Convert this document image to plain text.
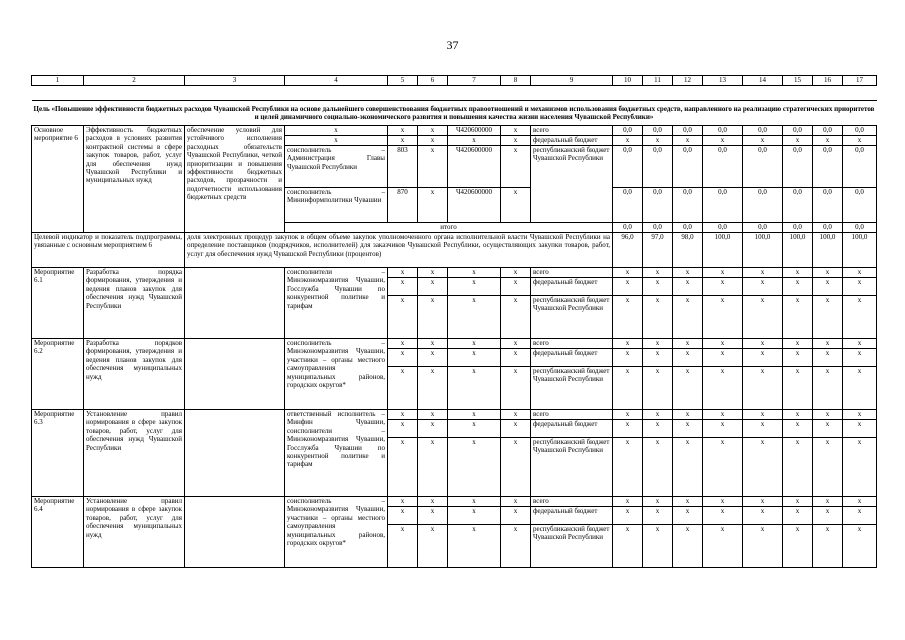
37
1	2	3	4	5	6	7	8	9	10	11	12	13	14	15	16	17

Цель «Повышение эффективности бюджетных расходов Чувашской Республики на основе дальнейшего совершенствования бюджетных правоотношений и механизмов использования бюджетных средств, направленного на реализацию стратегических приоритетов и целей динамичного социально-экономического развития и повышения качества жизни населения Чувашской Республики»																
Основное мероприятие 6	Эффективность бюджетных расходов в условиях развития контрактной системы в сфере закупок товаров, работ, услуг для обеспечения нужд Чувашской Республики и муниципальных нужд	обеспечение условий для устойчивого исполнения расходных обязательств Чувашской Республики, четкой приоритизации и повышения эффективности бюджетных расходов, прозрачности и подотчетности использования бюджетных средств	x	x	x	Ч420600000	x	всего	0,0	0,0	0,0	0,0	0,0	0,0	0,0	0,0
			x	x	x	x	x	федеральный бюджет	x	x	x	x	x	x	x	x
			соисполнитель – Администрация Главы Чувашской Республики	803	x	Ч420600000	x	республиканский бюджет Чувашской Республики	0,0	0,0	0,0	0,0	0,0	0,0	0,0	0,0
			соисполнитель – Мининформполитики Чувашии	870	x	Ч420600000	x		0,0	0,0	0,0	0,0	0,0	0,0	0,0	0,0
			итого						0,0	0,0	0,0	0,0	0,0	0,0	0,0	0,0
Целевой индикатор и показатель подпрограммы, увязанные с основным мероприятием 6		доля электронных процедур закупок в общем объеме закупок уполномоченного органа исполнительной власти Чувашской Республики на определение поставщиков (подрядчиков, исполнителей) для заказчиков Чувашской Республики, осуществляющих закупки товаров, работ, услуг для обеспечения нужд Чувашской Республики (процентов)							96,0	97,0	98,0	100,0	100,0	100,0	100,0	100,0
Мероприятие 6.1	Разработка порядка формирования, утверждения и ведения планов закупок для обеспечения нужд Чувашской Республики		соисполнители – Минэкономразвития Чувашии, Госслужба Чувашии по конкурентной политике и тарифам	x	x	x	x	всего	x	x	x	x	x	x	x	x
				x	x	x	x	федеральный бюджет	x	x	x	x	x	x	x	x
				x	x	x	x	республиканский бюджет Чувашской Республики	x	x	x	x	x	x	x	x
Мероприятие 6.2	Разработка порядков формирования, утверждения и ведения планов закупок для обеспечения муниципальных нужд		соисполнитель – Минэкономразвития Чувашии, участники – органы местного самоуправления муниципальных районов, городских округов*	x	x	x	x	всего	x	x	x	x	x	x	x	x
				x	x	x	x	федеральный бюджет	x	x	x	x	x	x	x	x
				x	x	x	x	республиканский бюджет Чувашской Республики	x	x	x	x	x	x	x	x
Мероприятие 6.3	Установление правил нормирования в сфере закупок товаров, работ, услуг для обеспечения нужд Чувашской Республики		ответственный исполнитель – Минфин Чувашии, соисполнители – Минэкономразвития Чувашии, Госслужба Чувашии по конкурентной политике и тарифам	x	x	x	x	всего	x	x	x	x	x	x	x	x
				x	x	x	x	федеральный бюджет	x	x	x	x	x	x	x	x
				x	x	x	x	республиканский бюджет Чувашской Республики	x	x	x	x	x	x	x	x
Мероприятие 6.4	Установление правил нормирования в сфере закупок товаров, работ, услуг для обеспечения муниципальных нужд		соисполнитель – Минэкономразвития Чувашии, участники – органы местного самоуправления муниципальных районов, городских округов*	x	x	x	x	всего	x	x	x	x	x	x	x	x
				x	x	x	x	федеральный бюджет	x	x	x	x	x	x	x	x
				x	x	x	x	республиканский бюджет Чувашской Республики	x	x	x	x	x	x	x	x
